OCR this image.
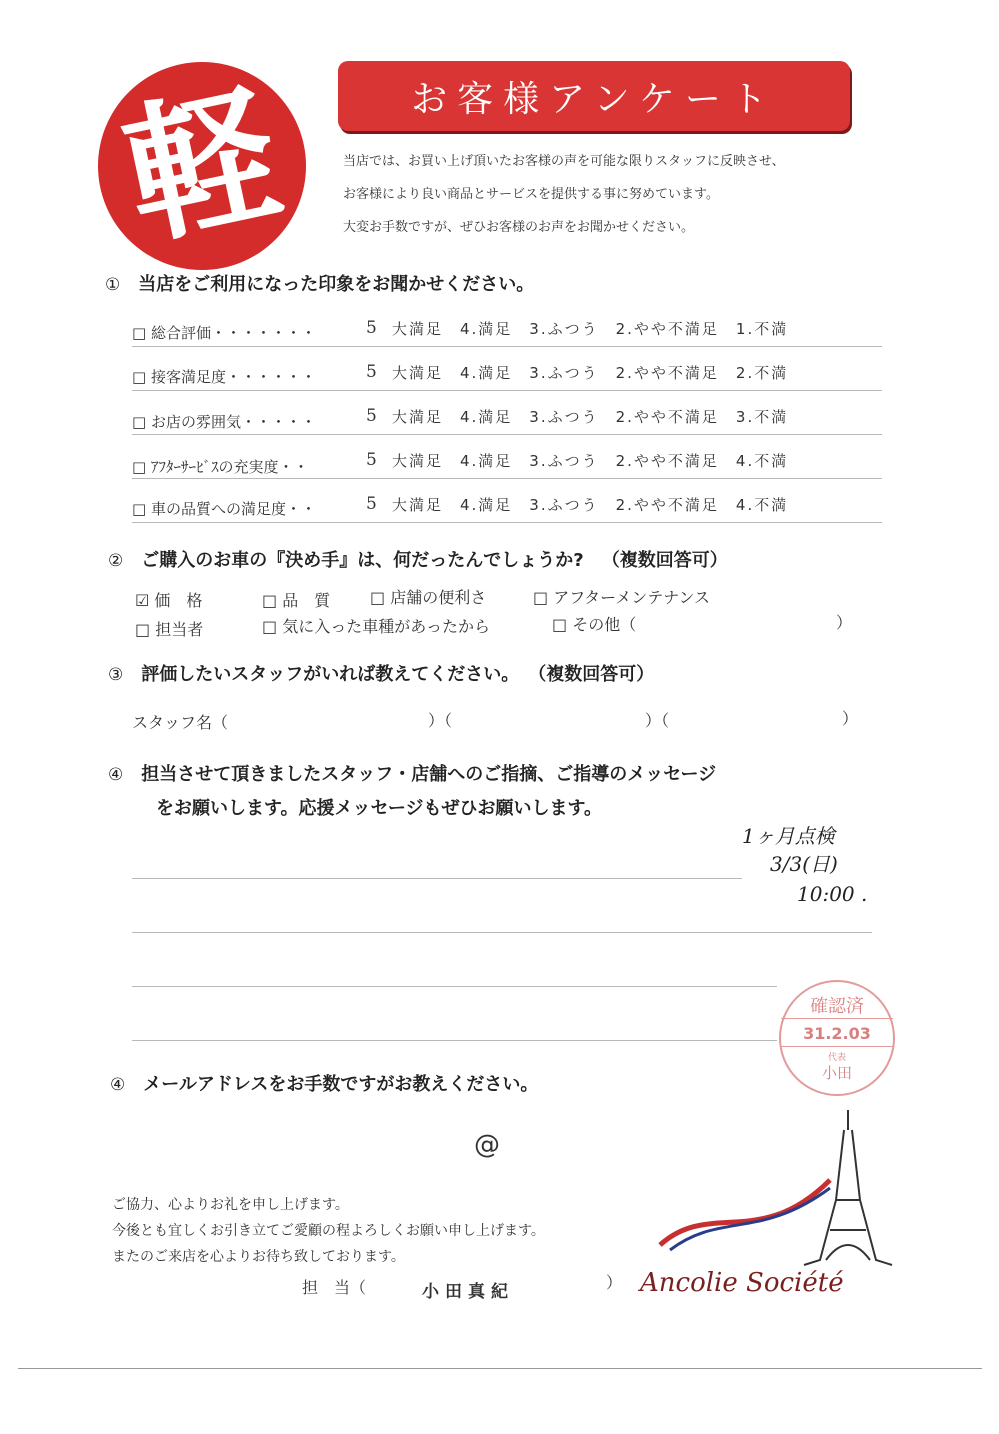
軽	お客様アンケート
当店では、お買い上げ頂いたお客様の声を可能な限りスタッフに反映させ、
お客様により良い商品とサービスを提供する事に努めています。
大変お手数ですが、ぜひお客様のお声をお聞かせください。
① 当店をご利用になった印象をお聞かせください。
□ 総合評価・・・・・・・	5 大満足　4.満足　3.ふつう　2.やや不満足　1.不満
□ 接客満足度・・・・・・	5 大満足　4.満足　3.ふつう　2.やや不満足　2.不満
□ お店の雰囲気・・・・・	5 大満足　4.満足　3.ふつう　2.やや不満足　3.不満
□ ｱﾌﾀｰｻｰﾋﾞｽの充実度・・	5 大満足　4.満足　3.ふつう　2.やや不満足　4.不満
□ 車の品質への満足度・・	5 大満足　4.満足　3.ふつう　2.やや不満足　4.不満
② ご購入のお車の『決め手』は、何だったんでしょうか? （複数回答可）
☑ 価　格	□ 品　質 □ 店舗の便利さ	□ アフターメンテナンス
□ 担当者	□ 気に入った車種があったから	□ その他（	）
③ 評価したいスタッフがいれば教えてください。 （複数回答可）
スタッフ名（	）（	）（	）
④ 担当させて頂きましたスタッフ・店舗へのご指摘、ご指導のメッセージ
をお願いします。応援メッセージもぜひお願いします。
1ヶ月点検
3/3(日)
10:00 .
確認済
31.2.03
代表
小田
④ メールアドレスをお手数ですがお教えください。
@
ご協力、心よりお礼を申し上げます。
今後とも宜しくお引き立てご愛顧の程よろしくお願い申し上げます。
またのご来店を心よりお待ち致しております。
担　当（	小田真紀	） Ancolie Société
